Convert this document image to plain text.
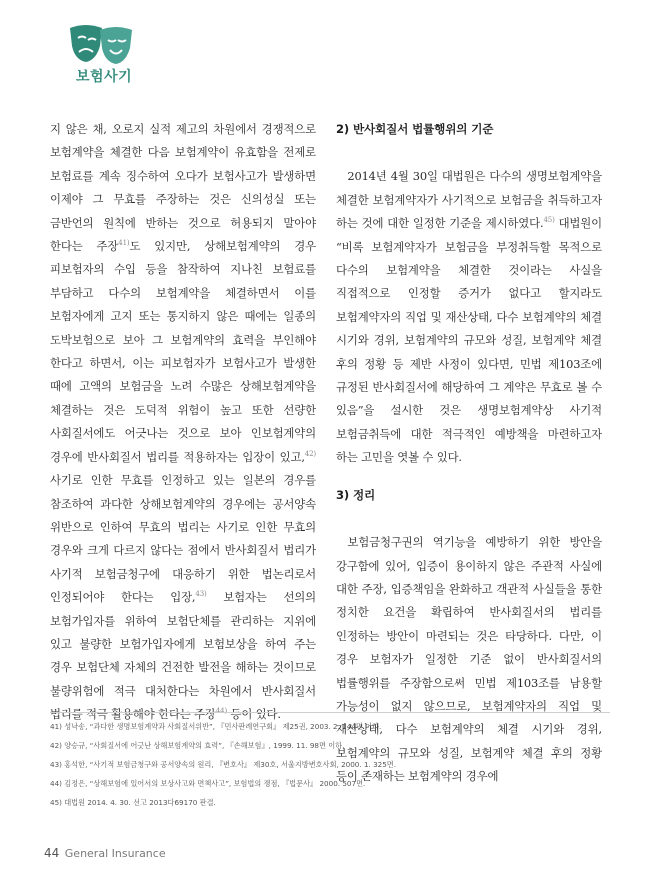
보험사기

지 않은 채, 오로지 실적 제고의 차원에서 경쟁적으로 보험계약을 체결한 다음 보험계약이 유효함을 전제로 보험료를 계속 징수하여 오다가 보험사고가 발생하면 이제야 그 무효를 주장하는 것은 신의성실 또는 금반언의 원칙에 반하는 것으로 허용되지 말아야 한다는 주장$^{41)}$도 있지만, 상해보험계약의 경우 피보험자의 수입 등을 참작하여 지나친 보험료를 부담하고 다수의 보험계약을 체결하면서 이를 보험자에게 고지 또는 통지하지 않은 때에는 일종의 도박보험으로 보아 그 보험계약의 효력을 부인해야 한다고 하면서, 이는 피보험자가 보험사고가 발생한 때에 고액의 보험금을 노려 수많은 상해보험계약을 체결하는 것은 도덕적 위험이 높고 또한 선량한 사회질서에도 어긋나는 것으로 보아 인보험계약의 경우에 반사회질서 법리를 적용하자는 입장이 있고,$^{42)}$ 사기로 인한 무효를 인정하고 있는 일본의 경우를 참조하여 과다한 상해보험계약의 경우에는 공서양속 위반으로 인하여 무효의 법리는 사기로 인한 무효의 경우와 크게 다르지 않다는 점에서 반사회질서 법리가 사기적 보험금청구에 대응하기 위한 법논리로서 인정되어야 한다는 입장,$^{43)}$ 보험자는 선의의 보험가입자를 위하여 보험단체를 관리하는 지위에 있고 불량한 보험가입자에게 보험보상을 하여 주는 경우 보험단체 자체의 건전한 발전을 해하는 것이므로 불량위험에 적극 대처한다는 차원에서 반사회질서 법리를 적극 활용해야 한다는 주장$^{44)}$ 등이 있다.

2) 반사회질서 법률행위의 기준

2014년 4월 30일 대법원은 다수의 생명보험계약을 체결한 보험계약자가 사기적으로 보험금을 취득하고자 하는 것에 대한 일정한 기준을 제시하였다.$^{45)}$ 대법원이 “비록 보험계약자가 보험금을 부정취득할 목적으로 다수의 보험계약을 체결한 것이라는 사실을 직접적으로 인정할 증거가 없다고 할지라도 보험계약자의 직업 및 재산상태, 다수 보험계약의 체결 시기와 경위, 보험계약의 규모와 성질, 보험계약 체결 후의 정황 등 제반 사정이 있다면, 민법 제103조에 규정된 반사회질서에 해당하여 그 계약은 무효로 볼 수 있음”을 설시한 것은 생명보험계약상 사기적 보험금취득에 대한 적극적인 예방책을 마련하고자 하는 고민을 엿볼 수 있다.

3) 정리

보험금청구권의 역기능을 예방하기 위한 방안을 강구함에 있어, 입증이 용이하지 않은 주관적 사실에 대한 주장, 입증책임을 완화하고 객관적 사실들을 통한 정치한 요건을 확립하여 반사회질서의 법리를 인정하는 방안이 마련되는 것은 타당하다. 다만, 이 경우 보험자가 일정한 기준 없이 반사회질서의 법률행위를 주장함으로써 민법 제103조를 남용할 가능성이 없지 않으므로, 보험계약자의 직업 및 재산상태, 다수 보험계약의 체결 시기와 경위, 보험계약의 규모와 성질, 보험계약 체결 후의 정황 등이 존재하는 보험계약의 경우에

41) 성낙송, “과다한 생명보험계약과 사회질서위반”, 『민사판례연구회』 제25권, 2003. 2. 144면 이하.
42) 양승규, “사회질서에 어긋난 상해보험계약의 효력”, 『손해보험』, 1999. 11. 98면 이하.
43) 홍석한, “사기적 보험금청구와 공서양속의 원리, 『변호사』 제30호, 서울지방변호사회, 2000. 1. 325면.
44) 김정은, “상해보험에 있어서의 보상사고와 면책사고”, 보험법의 쟁점, 『법문사』 2000. 507면.
45) 대법원 2014. 4. 30. 선고 2013다69170 판결.
44 General Insurance
